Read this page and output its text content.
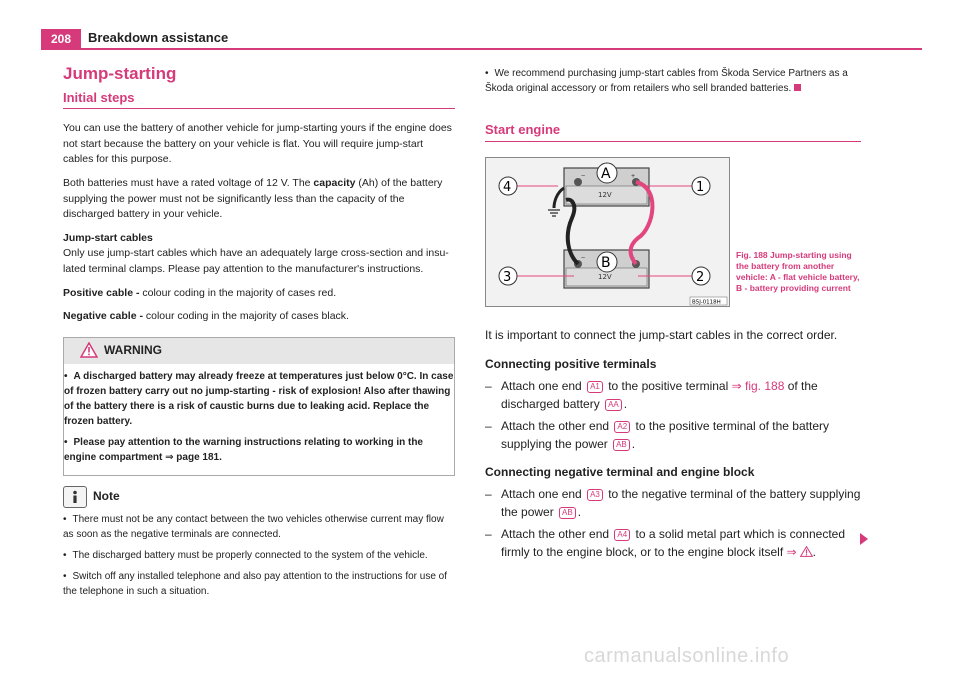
208	Breakdown assistance
Jump-starting
Initial steps

You can use the battery of another vehicle for jump-starting yours if the engine does not start because the battery on your vehicle is flat. You will require jump-start cables for this purpose.

Both batteries must have a rated voltage of 12 V. The capacity (Ah) of the battery supplying the power must not be significantly less than the capacity of the discharged battery in your vehicle.

Jump-start cables

Only use jump-start cables which have an adequately large cross-section and insu-lated terminal clamps. Please pay attention to the manufacturer's instructions.

Positive cable - colour coding in the majority of cases red.

Negative cable - colour coding in the majority of cases black.

WARNING

• A discharged battery may already freeze at temperatures just below 0°C. In case of frozen battery carry out no jump-starting - risk of explosion! Also after thawing of the battery there is a risk of caustic burns due to leaking acid. Replace the frozen battery.

• Please pay attention to the warning instructions relating to working in the engine compartment ⇒ page 181.

Note

• There must not be any contact between the two vehicles otherwise current may flow as soon as the negative terminals are connected.

• The discharged battery must be properly connected to the system of the vehicle.

• Switch off any installed telephone and also pay attention to the instructions for use of the telephone in such a situation.

• We recommend purchasing jump-start cables from Škoda Service Partners as a Škoda original accessory or from retailers who sell branded batteries.

Start engine
−	+
12V
A
−	+
12V
B
4	1
3	2
B5J-0118H
Fig. 188 Jump-starting using the battery from another vehicle: A - flat vehicle battery, B - battery providing current
It is important to connect the jump-start cables in the correct order.
Connecting positive terminals
– Attach one end A1 to the positive terminal ⇒ fig. 188 of the discharged battery AA .
– Attach the other end A2 to the positive terminal of the battery supplying the power AB .
Connecting negative terminal and engine block
– Attach one end A3 to the negative terminal of the battery supplying the power AB .
– Attach the other end A4 to a solid metal part which is connected firmly to the engine block, or to the engine block itself ⇒ .
carmanualsonline.info
